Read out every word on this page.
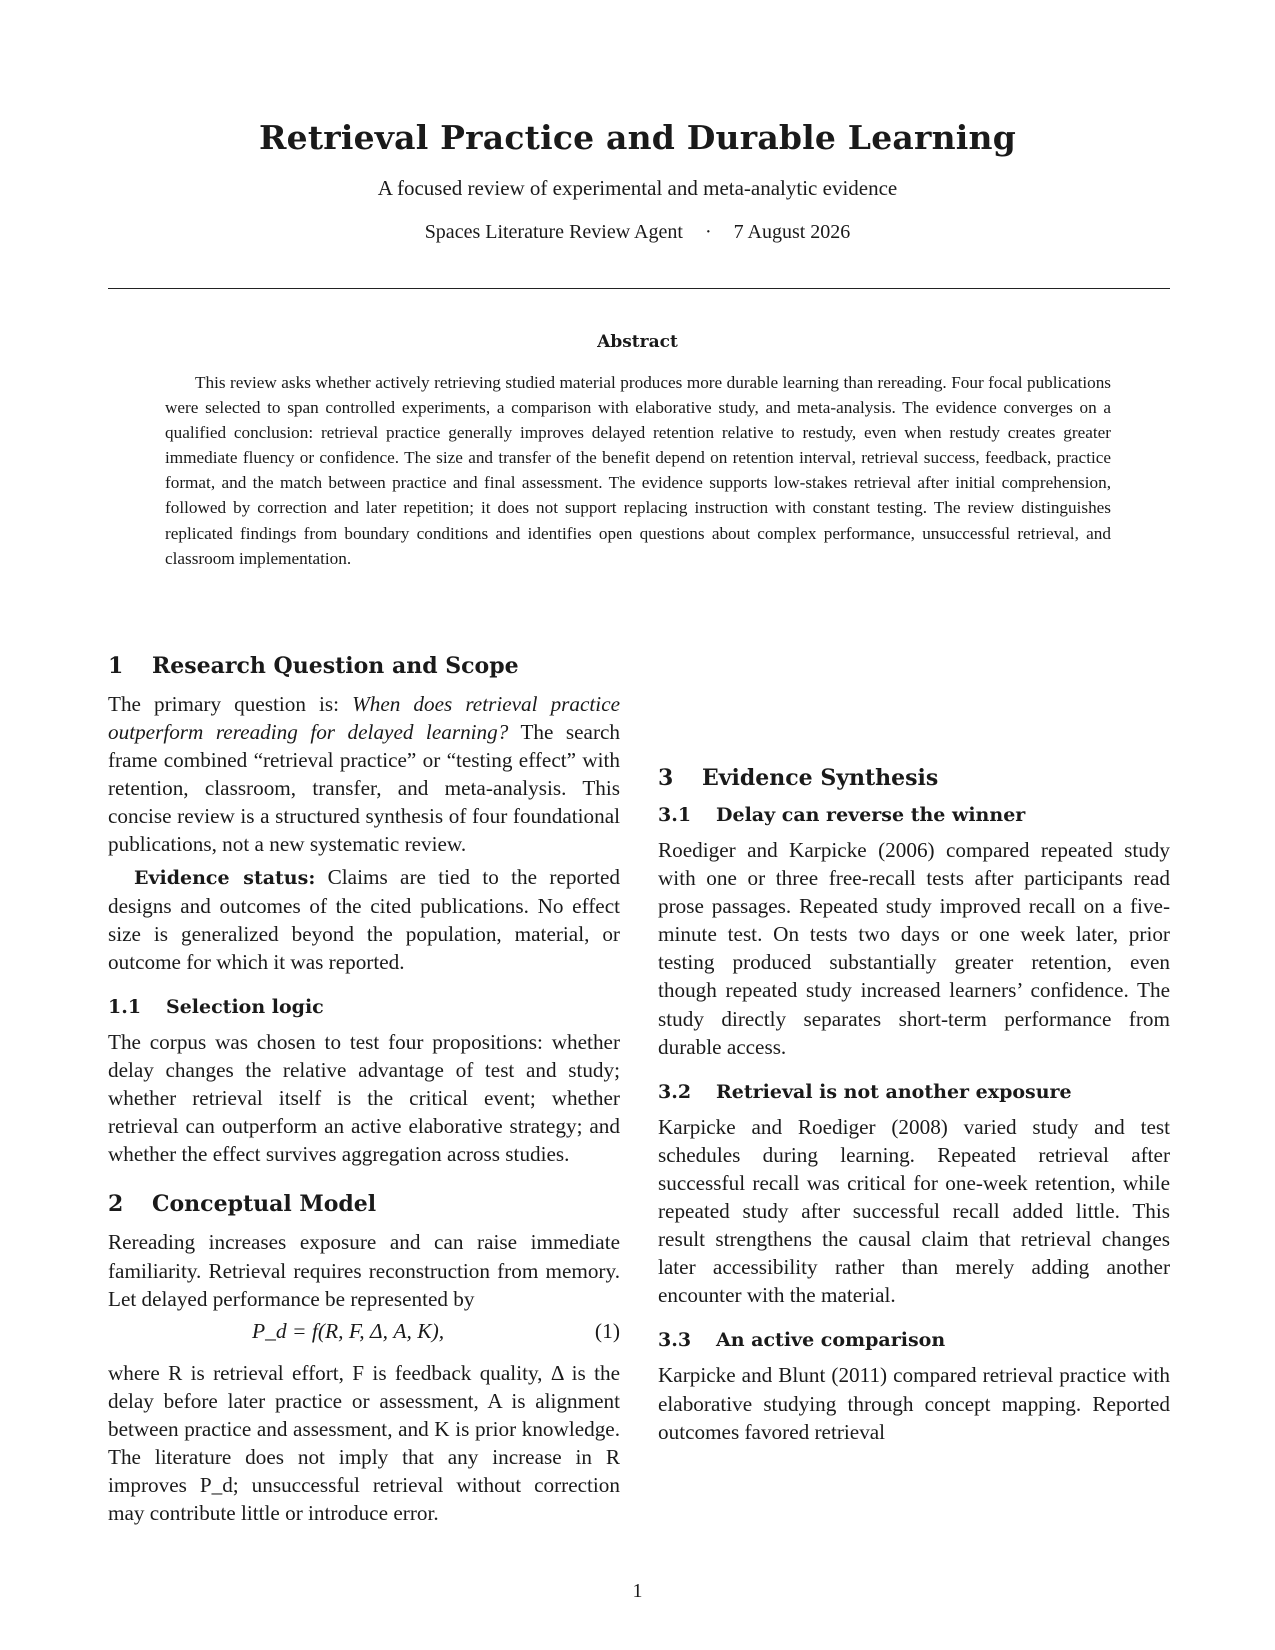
Retrieval Practice and Durable Learning
A focused review of experimental and meta-analytic evidence
Spaces Literature Review Agent · 7 August 2026
Abstract
This review asks whether actively retrieving studied material produces more durable learning than rereading. Four focal publications were selected to span controlled experiments, a comparison with elaborative study, and meta-analysis. The evidence converges on a qualified conclusion: retrieval practice generally improves delayed retention relative to restudy, even when restudy creates greater immediate fluency or confidence. The size and transfer of the benefit depend on retention interval, retrieval success, feedback, practice format, and the match between practice and final assessment. The evidence supports low-stakes retrieval after initial comprehension, followed by correction and later repetition; it does not support replacing instruction with constant testing. The review distinguishes replicated findings from boundary conditions and identifies open questions about complex performance, unsuccessful retrieval, and classroom implementation.
1 Research Question and Scope

The primary question is: When does retrieval practice outperform rereading for delayed learning? The search frame combined “retrieval practice” or “testing effect” with retention, classroom, transfer, and meta-analysis. This concise review is a structured synthesis of four foundational publications, not a new systematic review.

Evidence status: Claims are tied to the reported designs and outcomes of the cited publications. No effect size is generalized beyond the population, material, or outcome for which it was reported.

1.1 Selection logic

The corpus was chosen to test four propositions: whether delay changes the relative advantage of test and study; whether retrieval itself is the critical event; whether retrieval can outperform an active elaborative strategy; and whether the effect survives aggregation across studies.

2 Conceptual Model

Rereading increases exposure and can raise immediate familiarity. Retrieval requires reconstruction from memory. Let delayed performance be represented by

P_d = f(R, F, Δ, A, K),	(1)

where R is retrieval effort, F is feedback quality, Δ is the delay before later practice or assessment, A is alignment between practice and assessment, and K is prior knowledge. The literature does not imply that any increase in R improves P_d; unsuccessful retrieval without correction may contribute little or introduce error.

3 Evidence Synthesis
3.1 Delay can reverse the winner

Roediger and Karpicke (2006) compared repeated study with one or three free-recall tests after participants read prose passages. Repeated study improved recall on a five-minute test. On tests two days or one week later, prior testing produced substantially greater retention, even though repeated study increased learners’ confidence. The study directly separates short-term performance from durable access.

3.2 Retrieval is not another exposure

Karpicke and Roediger (2008) varied study and test schedules during learning. Repeated retrieval after successful recall was critical for one-week retention, while repeated study after successful recall added little. This result strengthens the causal claim that retrieval changes later accessibility rather than merely adding another encounter with the material.

3.3 An active comparison

Karpicke and Blunt (2011) compared retrieval practice with elaborative studying through concept mapping. Reported outcomes favored retrieval

1
